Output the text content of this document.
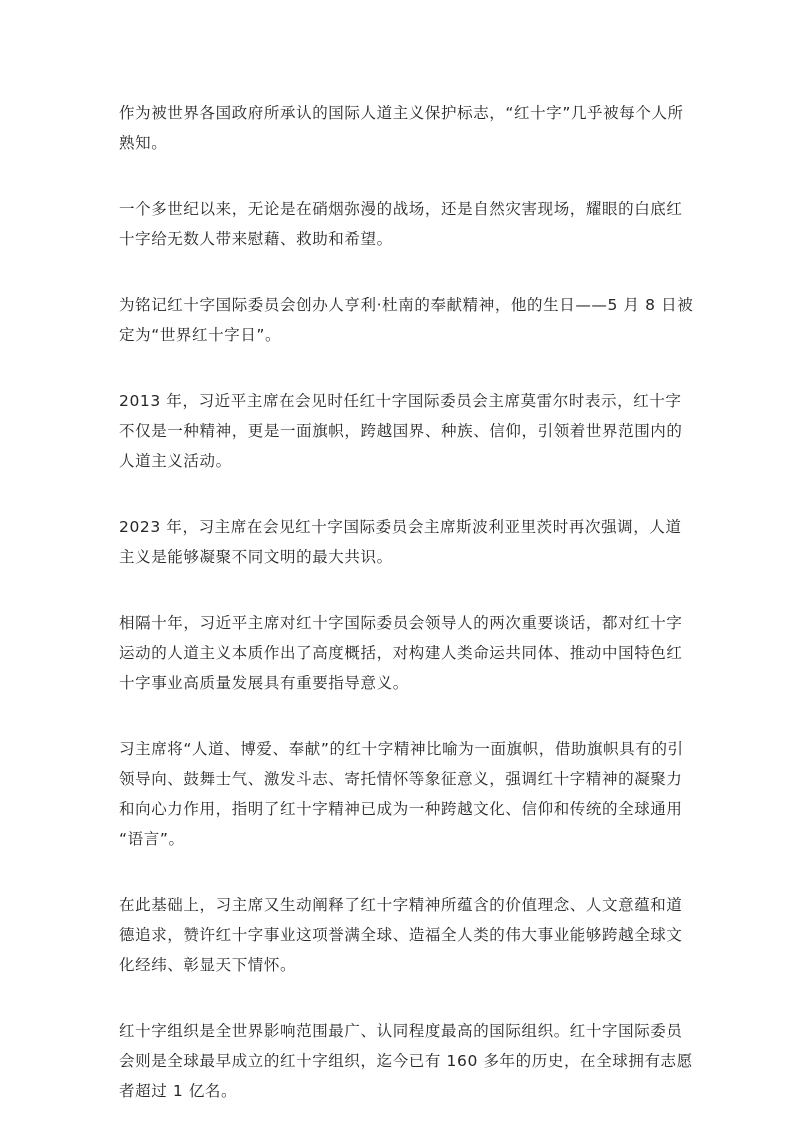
作为被世界各国政府所承认的国际人道主义保护标志，“红十字”几乎被每个人所
熟知。

一个多世纪以来，无论是在硝烟弥漫的战场，还是自然灾害现场，耀眼的白底红
十字给无数人带来慰藉、救助和希望。

为铭记红十字国际委员会创办人亨利·杜南的奉献精神，他的生日——5 月 8 日被
定为“世界红十字日”。

2013 年，习近平主席在会见时任红十字国际委员会主席莫雷尔时表示，红十字
不仅是一种精神，更是一面旗帜，跨越国界、种族、信仰，引领着世界范围内的
人道主义活动。

2023 年，习主席在会见红十字国际委员会主席斯波利亚里茨时再次强调，人道
主义是能够凝聚不同文明的最大共识。

相隔十年，习近平主席对红十字国际委员会领导人的两次重要谈话，都对红十字
运动的人道主义本质作出了高度概括，对构建人类命运共同体、推动中国特色红
十字事业高质量发展具有重要指导意义。

习主席将“人道、博爱、奉献”的红十字精神比喻为一面旗帜，借助旗帜具有的引
领导向、鼓舞士气、激发斗志、寄托情怀等象征意义，强调红十字精神的凝聚力
和向心力作用，指明了红十字精神已成为一种跨越文化、信仰和传统的全球通用
“语言”。

在此基础上，习主席又生动阐释了红十字精神所蕴含的价值理念、人文意蕴和道
德追求，赞许红十字事业这项誉满全球、造福全人类的伟大事业能够跨越全球文
化经纬、彰显天下情怀。

红十字组织是全世界影响范围最广、认同程度最高的国际组织。红十字国际委员
会则是全球最早成立的红十字组织，迄今已有 160 多年的历史，在全球拥有志愿
者超过 1 亿名。
